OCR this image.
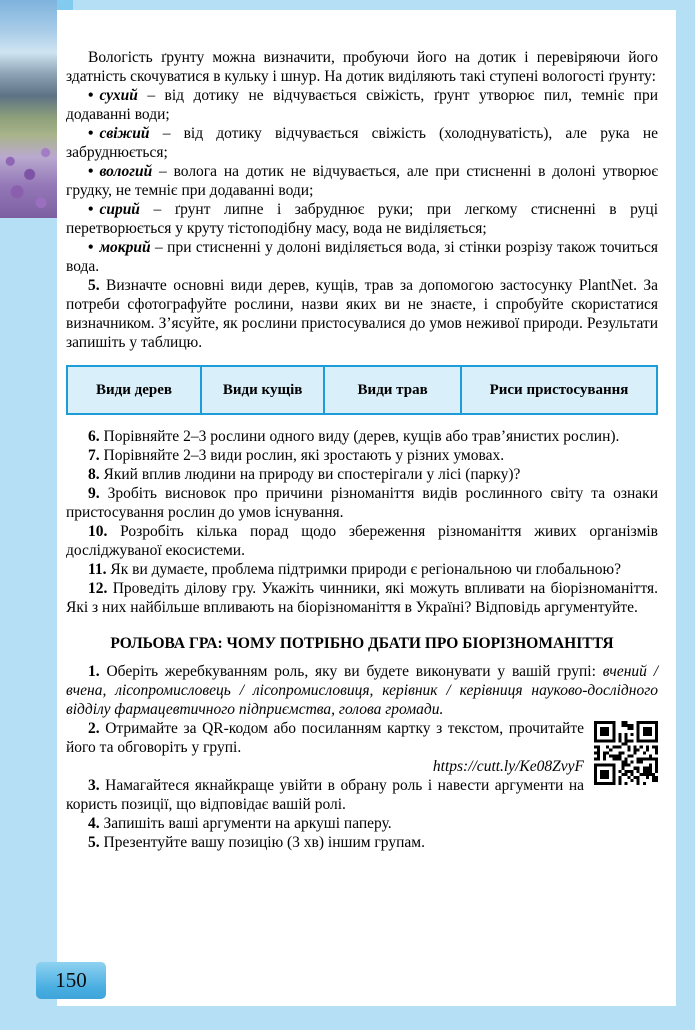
150

Вологість ґрунту можна визначити, пробуючи його на дотик і перевіряючи його здатність скочуватися в кульку і шнур. На дотик виділяють такі ступені вологості ґрунту:

• сухий – від дотику не відчувається свіжість, ґрунт утворює пил, темніє при додаванні води;
• свіжий – від дотику відчувається свіжість (холоднуватість), але рука не забруднюється;
• вологий – волога на дотик не відчувається, але при стисненні в долоні утворює грудку, не темніє при додаванні води;
• сирий – ґрунт липне і забруднює руки; при легкому стисненні в руці перетворюється у круту тістоподібну масу, вода не виділяється;
• мокрий – при стисненні у долоні виділяється вода, зі стінки розрізу також точиться вода.

5. Визначте основні види дерев, кущів, трав за допомогою застосунку PlantNet. За потреби сфотографуйте рослини, назви яких ви не знаєте, і спробуйте скористатися визначником. З’ясуйте, як рослини пристосувалися до умов неживої природи. Результати запишіть у таблицю.

Види дерев	Види кущів	Види трав	Риси пристосування

6. Порівняйте 2–3 рослини одного виду (дерев, кущів або трав’янистих рослин).

7. Порівняйте 2–3 види рослин, які зростають у різних умовах.

8. Який вплив людини на природу ви спостерігали у лісі (парку)?

9. Зробіть висновок про причини різноманіття видів рослинного світу та ознаки пристосування рослин до умов існування.

10. Розробіть кілька порад щодо збереження різноманіття живих організмів досліджуваної екосистеми.

11. Як ви думаєте, проблема підтримки природи є регіональною чи глобальною?

12. Проведіть ділову гру. Укажіть чинники, які можуть впливати на біорізноманіття. Які з них найбільше впливають на біорізноманіття в Україні? Відповідь аргументуйте.

РОЛЬОВА ГРА: ЧОМУ ПОТРІБНО ДБАТИ ПРО БІОРІЗНОМАНІТТЯ

1. Оберіть жеребкуванням роль, яку ви будете виконувати у вашій групі: вчений / вчена, лісопромисловець / лісопромисловиця, керівник / керівниця науково-дослідного відділу фармацевтичного підприємства, голова громади.

2. Отримайте за QR-кодом або посиланням картку з текстом, прочитайте його та обговоріть у групі.

https://cutt.ly/Ke08ZvyF

3. Намагайтеся якнайкраще увійти в обрану роль і навести аргументи на користь позиції, що відповідає вашій ролі.

4. Запишіть ваші аргументи на аркуші паперу.

5. Презентуйте вашу позицію (3 хв) іншим групам.
